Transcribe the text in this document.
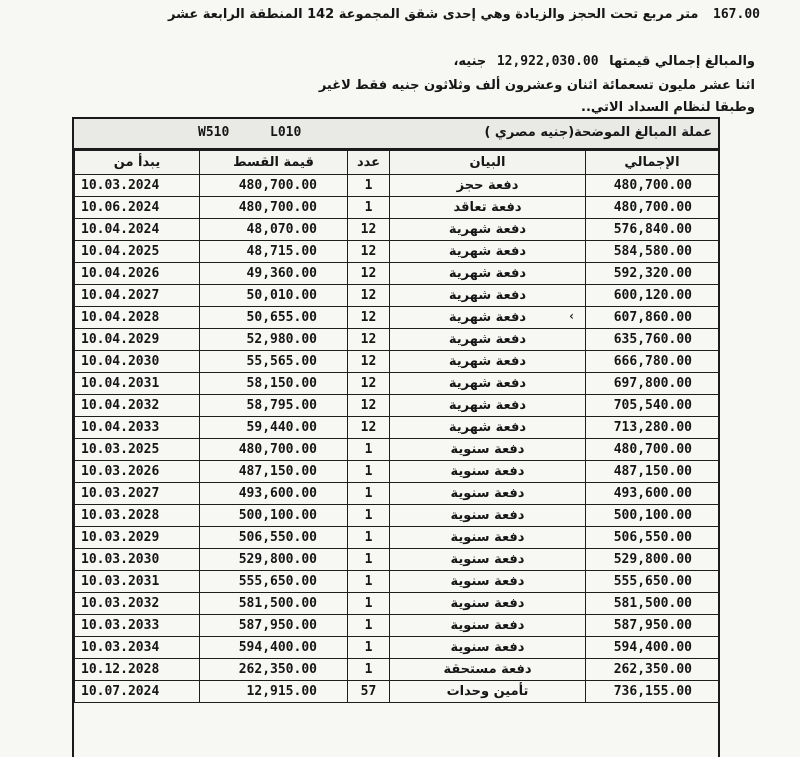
متر مربع تحت الحجز والزيادة وهي إحدى شقق المجموعة 142 المنطقة الرابعة عشر 167.00
والمبالغ إجمالي قيمتها 12,922,030.00 جنيه،
اثنا عشر مليون تسعمائة اثنان وعشرون ألف وثلاثون جنيه فقط لاغير
وطبقا لنظام السداد الاتي..
W510	L010	عملة المبالغ الموضحة(جنيه مصري )
يبدأ من	قيمة القسط	عدد	البيان	الإجمالي
10.03.2024	480,700.00	1	دفعة حجز	480,700.00
10.06.2024	480,700.00	1	دفعة تعاقد	480,700.00
10.04.2024	48,070.00	12	دفعة شهرية	576,840.00
10.04.2025	48,715.00	12	دفعة شهرية	584,580.00
10.04.2026	49,360.00	12	دفعة شهرية	592,320.00
10.04.2027	50,010.00	12	دفعة شهرية	600,120.00
10.04.2028	50,655.00	12	دفعة شهرية	607,860.00
10.04.2029	52,980.00	12	دفعة شهرية	635,760.00
10.04.2030	55,565.00	12	دفعة شهرية	666,780.00
10.04.2031	58,150.00	12	دفعة شهرية	697,800.00
10.04.2032	58,795.00	12	دفعة شهرية	705,540.00
10.04.2033	59,440.00	12	دفعة شهرية	713,280.00
10.03.2025	480,700.00	1	دفعة سنوية	480,700.00
10.03.2026	487,150.00	1	دفعة سنوية	487,150.00
10.03.2027	493,600.00	1	دفعة سنوية	493,600.00
10.03.2028	500,100.00	1	دفعة سنوية	500,100.00
10.03.2029	506,550.00	1	دفعة سنوية	506,550.00
10.03.2030	529,800.00	1	دفعة سنوية	529,800.00
10.03.2031	555,650.00	1	دفعة سنوية	555,650.00
10.03.2032	581,500.00	1	دفعة سنوية	581,500.00
10.03.2033	587,950.00	1	دفعة سنوية	587,950.00
10.03.2034	594,400.00	1	دفعة سنوية	594,400.00
10.12.2028	262,350.00	1	دفعة مستحقة	262,350.00
10.07.2024	12,915.00	57	تأمين وحدات	736,155.00
‹
